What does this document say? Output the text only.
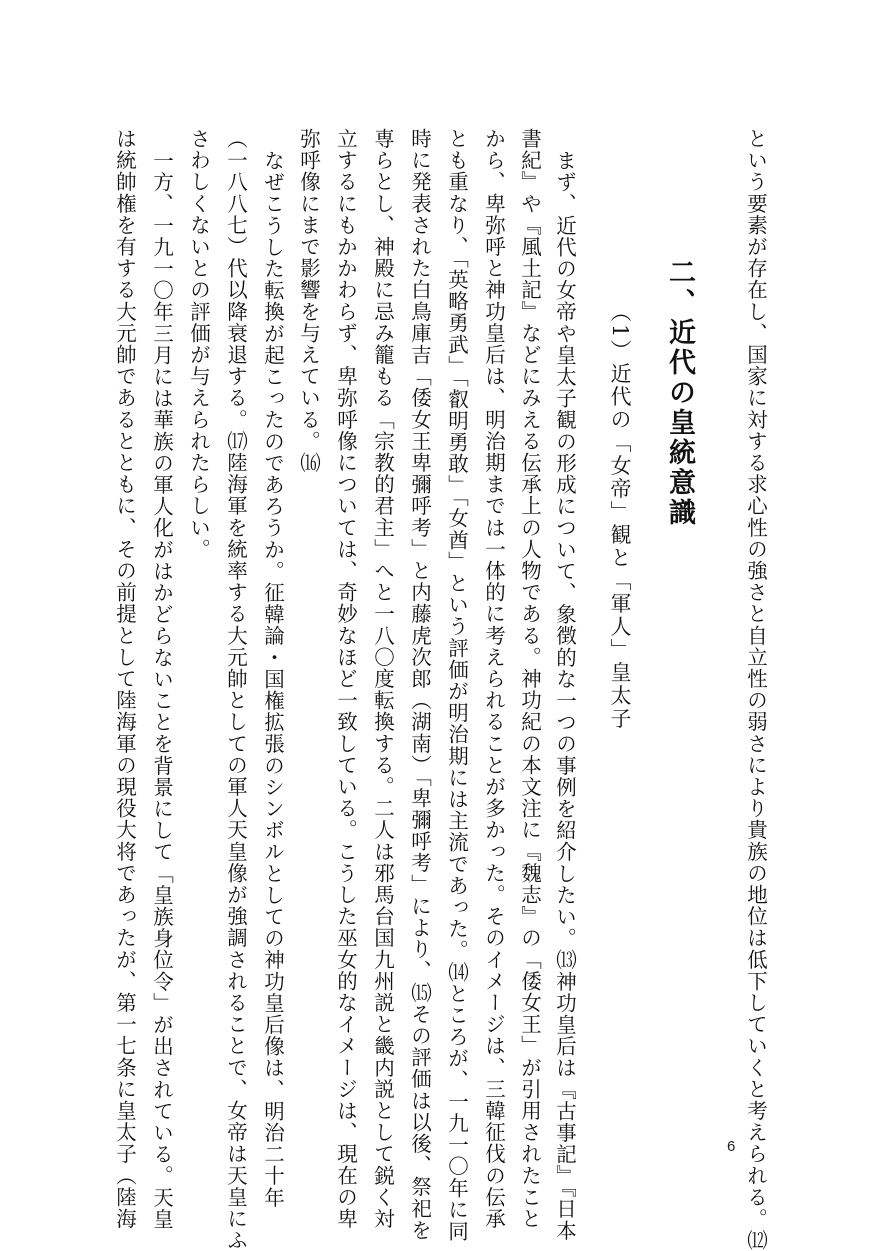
という要素が存在し、国家に対する求心性の強さと自立性の弱さにより貴族の地位は低下していくと考えられる。⑿
二、近代の皇統意識
（1）近代の「女帝」観と「軍人」皇太子
まず、近代の女帝や皇太子観の形成について、象徴的な一つの事例を紹介したい。⒀神功皇后は『古事記』『日本
書紀』や『風土記』などにみえる伝承上の人物である。神功紀の本文注に『魏志』の「倭女王」が引用されたこと
から、卑弥呼と神功皇后は、明治期までは一体的に考えられることが多かった。そのイメージは、三韓征伐の伝承
とも重なり、「英略勇武」「叡明勇敢」「女酋」という評価が明治期には主流であった。⒁ところが、一九一〇年に同
時に発表された白鳥庫吉「倭女王卑彌呼考」と内藤虎次郎（湖南）「卑彌呼考」により、⒂その評価は以後、祭祀を
専らとし、神殿に忌み籠もる「宗教的君主」へと一八〇度転換する。二人は邪馬台国九州説と畿内説として鋭く対
立するにもかかわらず、卑弥呼像については、奇妙なほど一致している。こうした巫女的なイメージは、現在の卑
弥呼像にまで影響を与えている。⒃
なぜこうした転換が起こったのであろうか。征韓論・国権拡張のシンボルとしての神功皇后像は、明治二十年
（一八八七）代以降衰退する。⒄陸海軍を統率する大元帥としての軍人天皇像が強調されることで、女帝は天皇にふ
さわしくないとの評価が与えられたらしい。
一方、一九一〇年三月には華族の軍人化がはかどらないことを背景にして「皇族身位令」が出されている。天皇
は統帥権を有する大元帥であるとともに、その前提として陸海軍の現役大将であったが、第一七条に皇太子（陸海	6
